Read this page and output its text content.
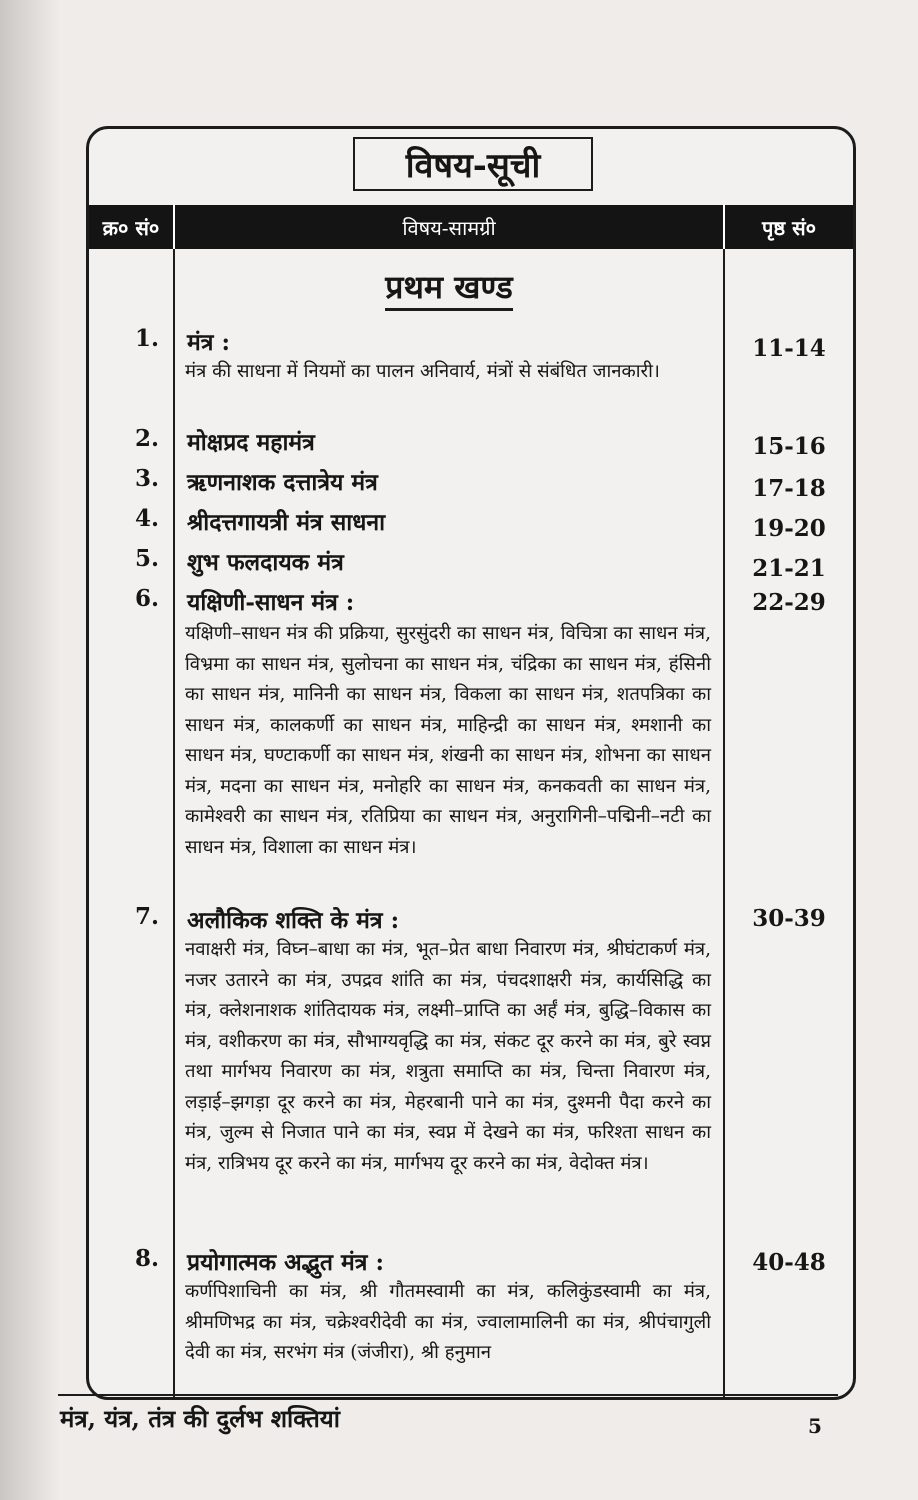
विषय-सूची
क्र० सं०	विषय-सामग्री	पृष्ठ सं०
प्रथम खण्ड
1. मंत्र :	11-14
मंत्र की साधना में नियमों का पालन अनिवार्य, मंत्रों से संबंधित जानकारी।
2. मोक्षप्रद महामंत्र	15-16
3. ऋणनाशक दत्तात्रेय मंत्र	17-18
4. श्रीदत्तगायत्री मंत्र साधना	19-20
5. शुभ फलदायक मंत्र	21-21
6. यक्षिणी-साधन मंत्र :	22-29
यक्षिणी–साधन मंत्र की प्रक्रिया, सुरसुंदरी का साधन मंत्र, विचित्रा का साधन मंत्र, विभ्रमा का साधन मंत्र, सुलोचना का साधन मंत्र, चंद्रिका का साधन मंत्र, हंसिनी का साधन मंत्र, मानिनी का साधन मंत्र, विकला का साधन मंत्र, शतपत्रिका का साधन मंत्र, कालकर्णी का साधन मंत्र, माहिन्द्री का साधन मंत्र, श्मशानी का साधन मंत्र, घण्टाकर्णी का साधन मंत्र, शंखनी का साधन मंत्र, शोभना का साधन मंत्र, मदना का साधन मंत्र, मनोहरि का साधन मंत्र, कनकवती का साधन मंत्र, कामेश्वरी का साधन मंत्र, रतिप्रिया का साधन मंत्र, अनुरागिनी–पद्मिनी–नटी का साधन मंत्र, विशाला का साधन मंत्र।
7. अलौकिक शक्ति के मंत्र :	30-39
नवाक्षरी मंत्र, विघ्न–बाधा का मंत्र, भूत–प्रेत बाधा निवारण मंत्र, श्रीघंटाकर्ण मंत्र, नजर उतारने का मंत्र, उपद्रव शांति का मंत्र, पंचदशाक्षरी मंत्र, कार्यसिद्धि का मंत्र, क्लेशनाशक शांतिदायक मंत्र, लक्ष्मी–प्राप्ति का अर्हं मंत्र, बुद्धि–विकास का मंत्र, वशीकरण का मंत्र, सौभाग्यवृद्धि का मंत्र, संकट दूर करने का मंत्र, बुरे स्वप्न तथा मार्गभय निवारण का मंत्र, शत्रुता समाप्ति का मंत्र, चिन्ता निवारण मंत्र, लड़ाई–झगड़ा दूर करने का मंत्र, मेहरबानी पाने का मंत्र, दुश्मनी पैदा करने का मंत्र, जुल्म से निजात पाने का मंत्र, स्वप्न में देखने का मंत्र, फरिश्ता साधन का मंत्र, रात्रिभय दूर करने का मंत्र, मार्गभय दूर करने का मंत्र, वेदोक्त मंत्र।
8. प्रयोगात्मक अद्भुत मंत्र :	40-48
कर्णपिशाचिनी का मंत्र, श्री गौतमस्वामी का मंत्र, कलिकुंडस्वामी का मंत्र, श्रीमणिभद्र का मंत्र, चक्रेश्वरीदेवी का मंत्र, ज्वालामालिनी का मंत्र, श्रीपंचागुली देवी का मंत्र, सरभंग मंत्र (जंजीरा), श्री हनुमान
मंत्र, यंत्र, तंत्र की दुर्लभ शक्तियां	5
